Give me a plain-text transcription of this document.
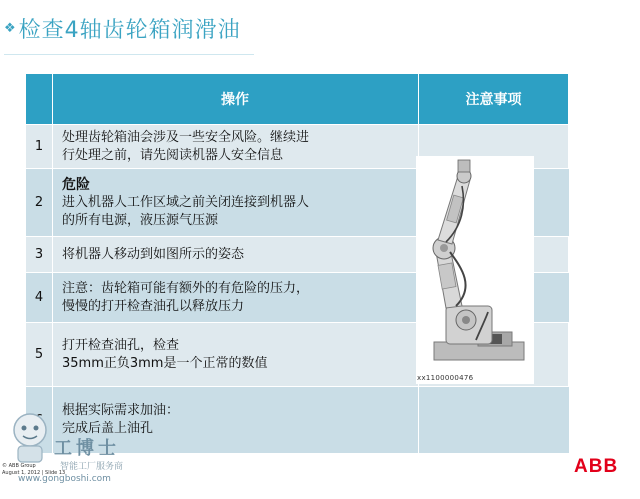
❖ 检查4轴齿轮箱润滑油
操作	注意事项
1
处理齿轮箱油会涉及一些安全风险。继续进
行处理之前，请先阅读机器人安全信息
2
危险
进入机器人工作区域之前关闭连接到机器人
的所有电源，液压源气压源
3	将机器人移动到如图所示的姿态
4
注意：齿轮箱可能有额外的有危险的压力，
慢慢的打开检查油孔以释放压力
5
打开检查油孔，检查
35mm正负3mm是一个正常的数值
根据实际需求加油：
完成后盖上油孔
xx1100000476
工博士
智能工厂服务商
© ABB Group
August 1, 2012 | Slide 13
www.gongboshi.com
ABB
